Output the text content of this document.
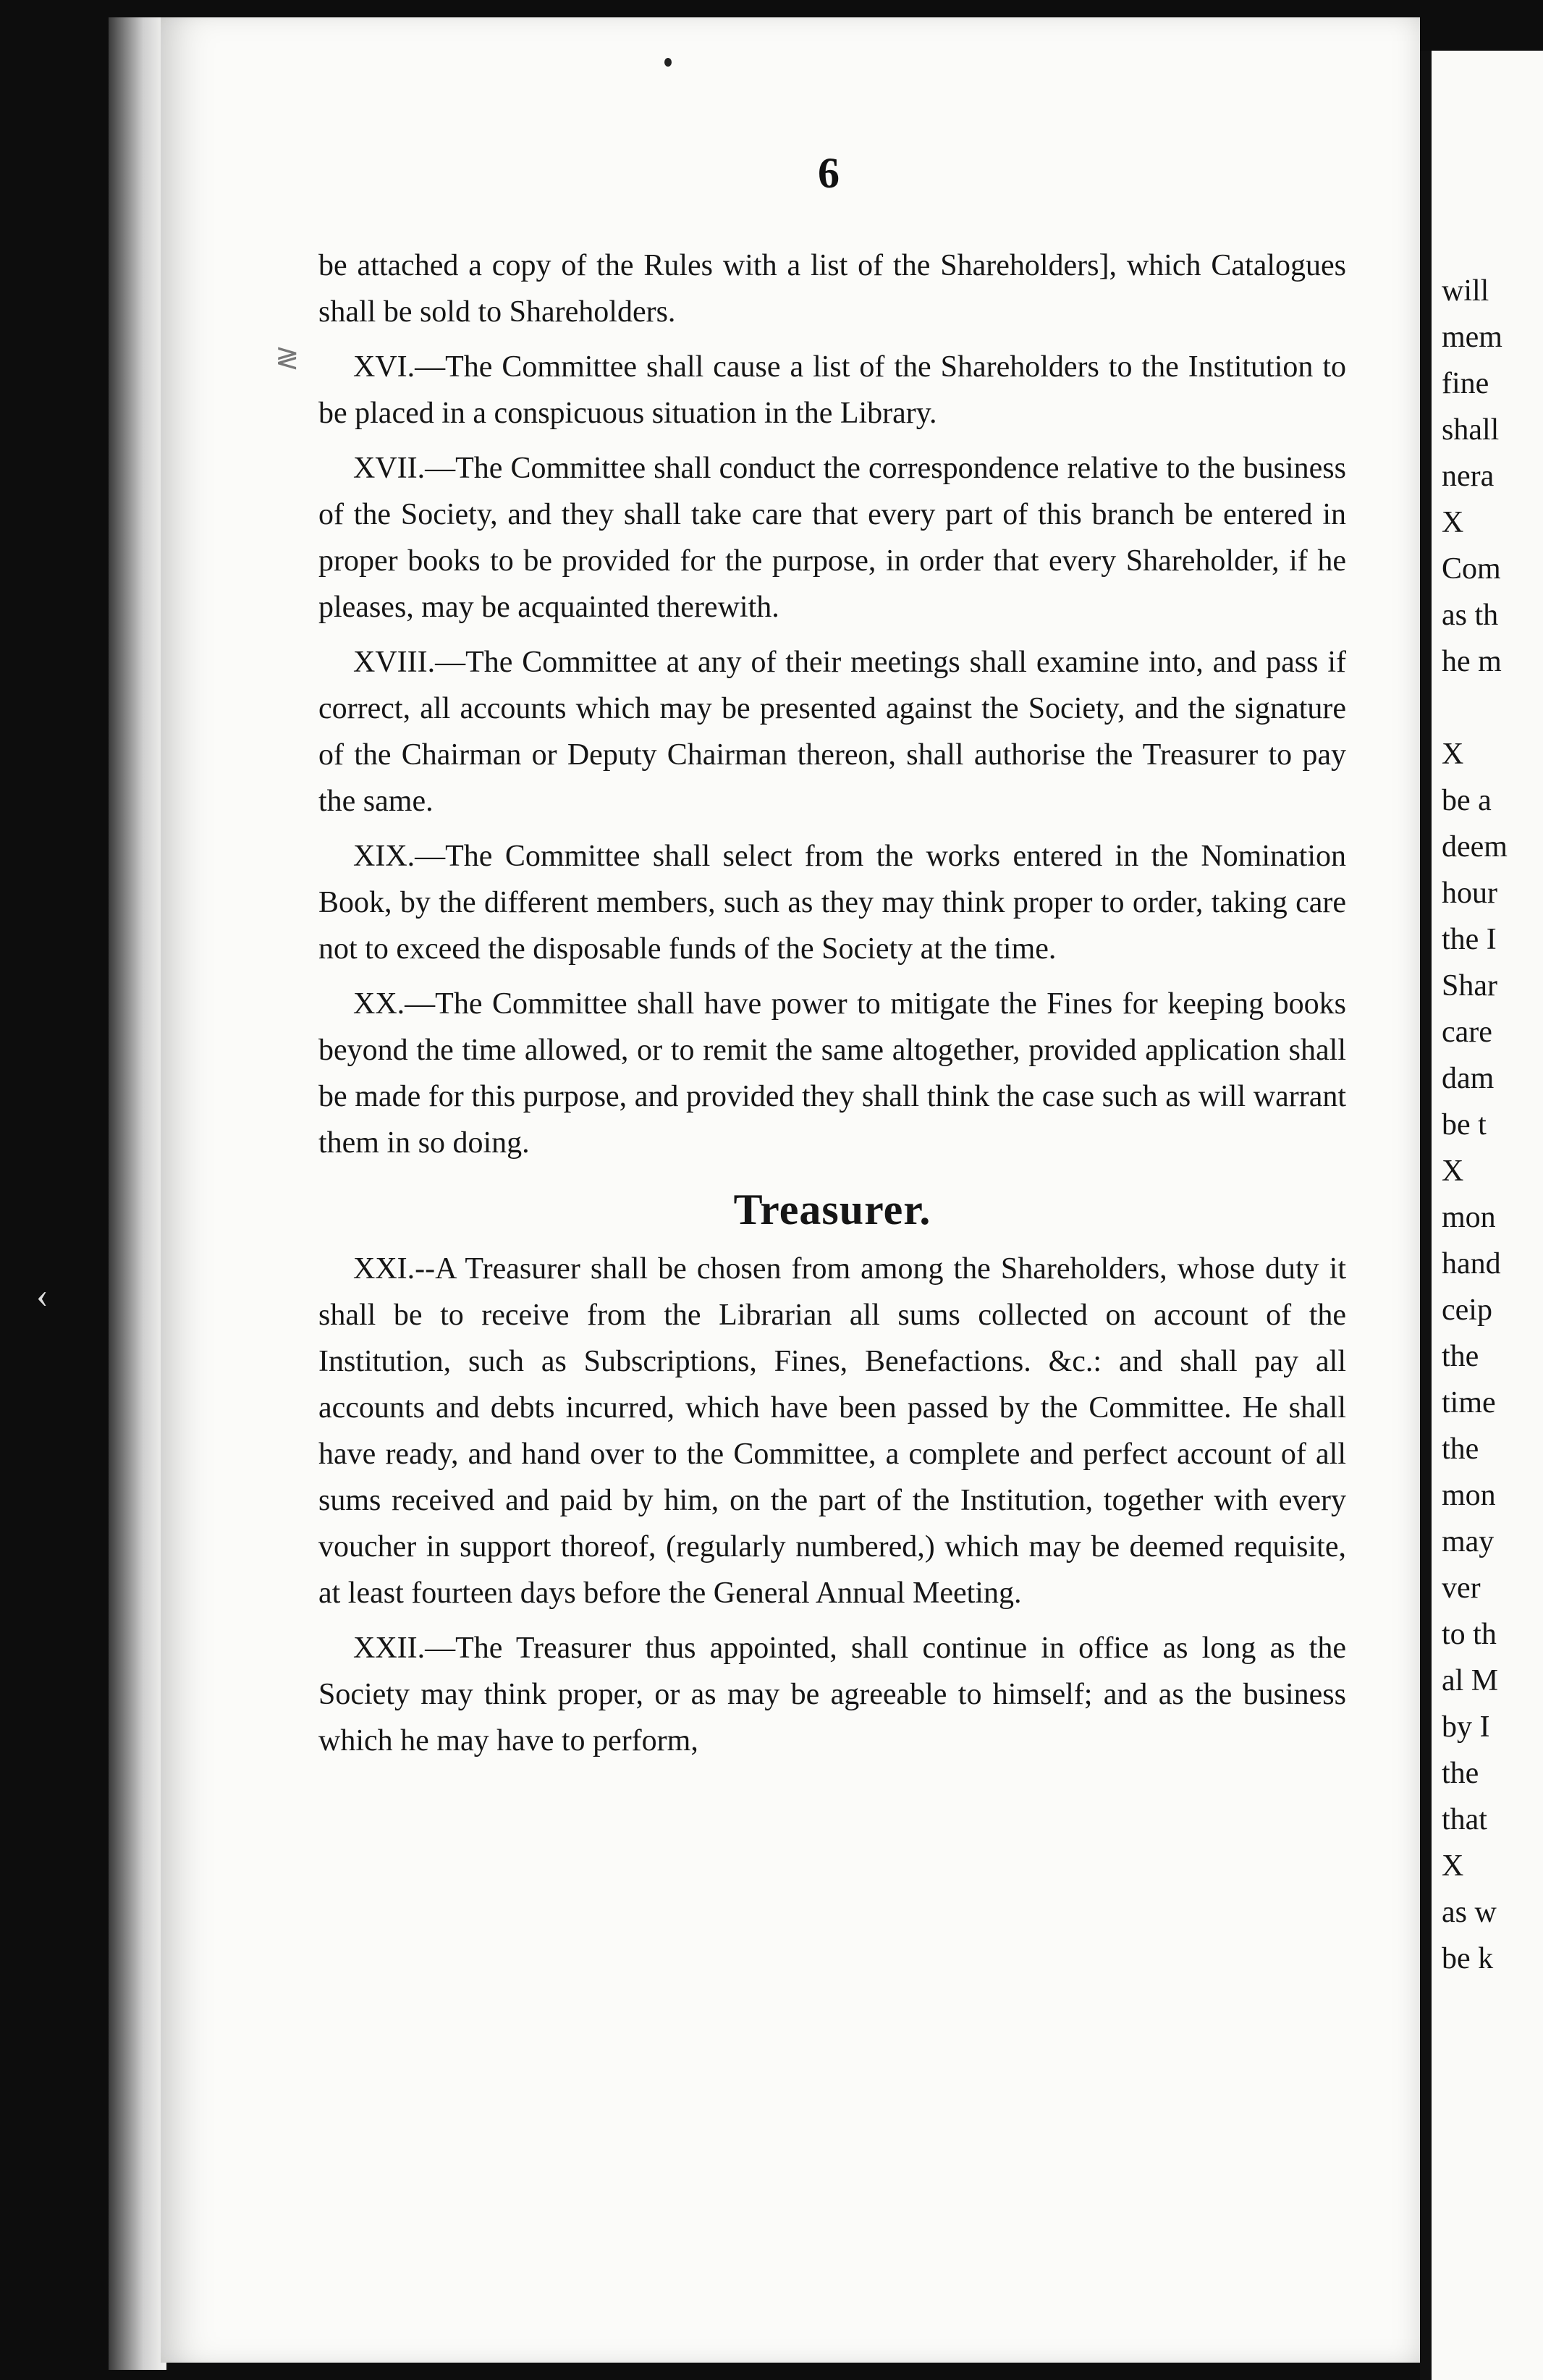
6

be attached a copy of the Rules with a list of the Shareholders], which Catalogues shall be sold to Shareholders.

XVI.—The Committee shall cause a list of the Shareholders to the Institution to be placed in a conspicuous situation in the Library.

XVII.—The Committee shall conduct the correspondence relative to the business of the Society, and they shall take care that every part of this branch be entered in proper books to be provided for the purpose, in order that every Shareholder, if he pleases, may be acquainted therewith.

XVIII.—The Committee at any of their meetings shall examine into, and pass if correct, all accounts which may be presented against the Society, and the signature of the Chairman or Deputy Chairman thereon, shall authorise the Treasurer to pay the same.

XIX.—The Committee shall select from the works entered in the Nomination Book, by the different members, such as they may think proper to order, taking care not to exceed the disposable funds of the Society at the time.

XX.—The Committee shall have power to mitigate the Fines for keeping books beyond the time allowed, or to remit the same altogether, provided application shall be made for this purpose, and provided they shall think the case such as will warrant them in so doing.

Treasurer.

XXI.--A Treasurer shall be chosen from among the Shareholders, whose duty it shall be to receive from the Librarian all sums collected on account of the Institution, such as Subscriptions, Fines, Benefactions. &c.: and shall pay all accounts and debts incurred, which have been passed by the Committee. He shall have ready, and hand over to the Committee, a complete and perfect account of all sums received and paid by him, on the part of the Institution, together with every voucher in support thoreof, (regularly numbered,) which may be deemed requisite, at least fourteen days before the General Annual Meeting.

XXII.—The Treasurer thus appointed, shall continue in office as long as the Society may think proper, or as may be agreeable to himself; and as the business which he may have to perform,

≷
‹
will
mem
fine
shall
nera
X
Com
as th
he m
X
be a
deem
hour
the I
Shar
care
dam
be t
X
mon
hand
ceip
the
time
the
mon
may
ver
to th
al M
by I
the
that
X
as w
be k
